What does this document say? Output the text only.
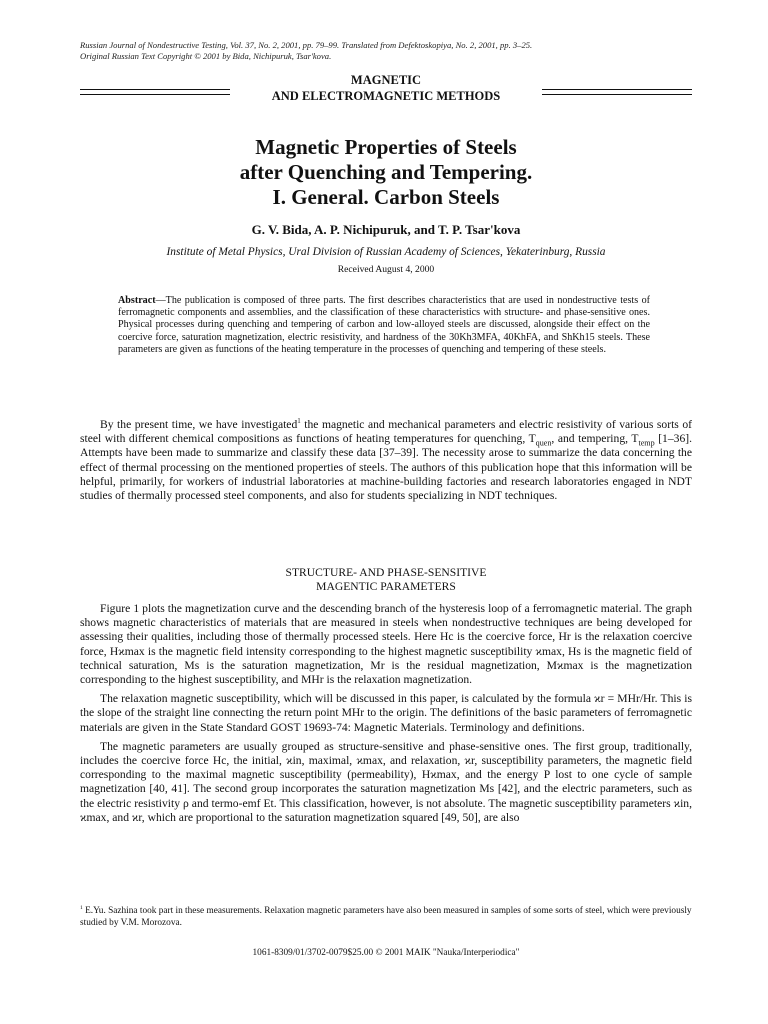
Russian Journal of Nondestructive Testing, Vol. 37, No. 2, 2001, pp. 79–99. Translated from Defektoskopiya, No. 2, 2001, pp. 3–25.
Original Russian Text Copyright © 2001 by Bida, Nichipuruk, Tsar'kova.
MAGNETIC
AND ELECTROMAGNETIC METHODS
Magnetic Properties of Steels
after Quenching and Tempering.
I. General. Carbon Steels
G. V. Bida, A. P. Nichipuruk, and T. P. Tsar'kova
Institute of Metal Physics, Ural Division of Russian Academy of Sciences, Yekaterinburg, Russia
Received August 4, 2000
Abstract—The publication is composed of three parts. The first describes characteristics that are used in nondestructive tests of ferromagnetic components and assemblies, and the classification of these characteristics with structure- and phase-sensitive ones. Physical processes during quenching and tempering of carbon and low-alloyed steels are discussed, alongside their effect on the coercive force, saturation magnetization, electric resistivity, and hardness of the 30Kh3MFA, 40KhFA, and ShKh15 steels. These parameters are given as functions of the heating temperature in the processes of quenching and tempering of these steels.

By the present time, we have investigated$^1$ the magnetic and mechanical parameters and electric resistivity of various sorts of steel with different chemical compositions as functions of heating temperatures for quenching, $T_{quen}$, and tempering, $T_{temp}$ [1–36]. Attempts have been made to summarize and classify these data [37–39]. The necessity arose to summarize the data concerning the effect of thermal processing on the mentioned properties of steels. The authors of this publication hope that this information will be helpful, primarily, for workers of industrial laboratories at machine-building factories and research laboratories engaged in NDT studies of thermally processed steel components, and also for students specializing in NDT techniques.

STRUCTURE- AND PHASE-SENSITIVE
MAGENTIC PARAMETERS

Figure 1 plots the magnetization curve and the descending branch of the hysteresis loop of a ferromagnetic material. The graph shows magnetic characteristics of materials that are measured in steels when nondestructive techniques are being developed for assessing their qualities, including those of thermally processed steels. Here Hc is the coercive force, Hr is the relaxation coercive force, Hϰmax is the magnetic field intensity corresponding to the highest magnetic susceptibility ϰmax, Hs is the magnetic field of technical saturation, Ms is the saturation magnetization, Mr is the residual magnetization, Mϰmax is the magnetization corresponding to the highest susceptibility, and MHr is the relaxation magnetization.

The relaxation magnetic susceptibility, which will be discussed in this paper, is calculated by the formula ϰr = MHr/Hr. This is the slope of the straight line connecting the return point MHr to the origin. The definitions of the basic parameters of ferromagnetic materials are given in the State Standard GOST 19693-74: Magnetic Materials. Terminology and definitions.

The magnetic parameters are usually grouped as structure-sensitive and phase-sensitive ones. The first group, traditionally, includes the coercive force Hc, the initial, ϰin, maximal, ϰmax, and relaxation, ϰr, susceptibility parameters, the magnetic field corresponding to the maximal magnetic susceptibility (permeability), Hϰmax, and the energy P lost to one cycle of sample magnetization [40, 41]. The second group incorporates the saturation magnetization Ms [42], and the electric parameters, such as the electric resistivity ρ and termo-emf Et. This classification, however, is not absolute. The magnetic susceptibility parameters ϰin, ϰmax, and ϰr, which are proportional to the saturation magnetization squared [49, 50], are also

$^1$ E.Yu. Sazhina took part in these measurements. Relaxation magnetic parameters have also been measured in samples of some sorts of steel, which were previously studied by V.M. Morozova.
1061-8309/01/3702-0079$25.00 © 2001 MAIK "Nauka/Interperiodica"
